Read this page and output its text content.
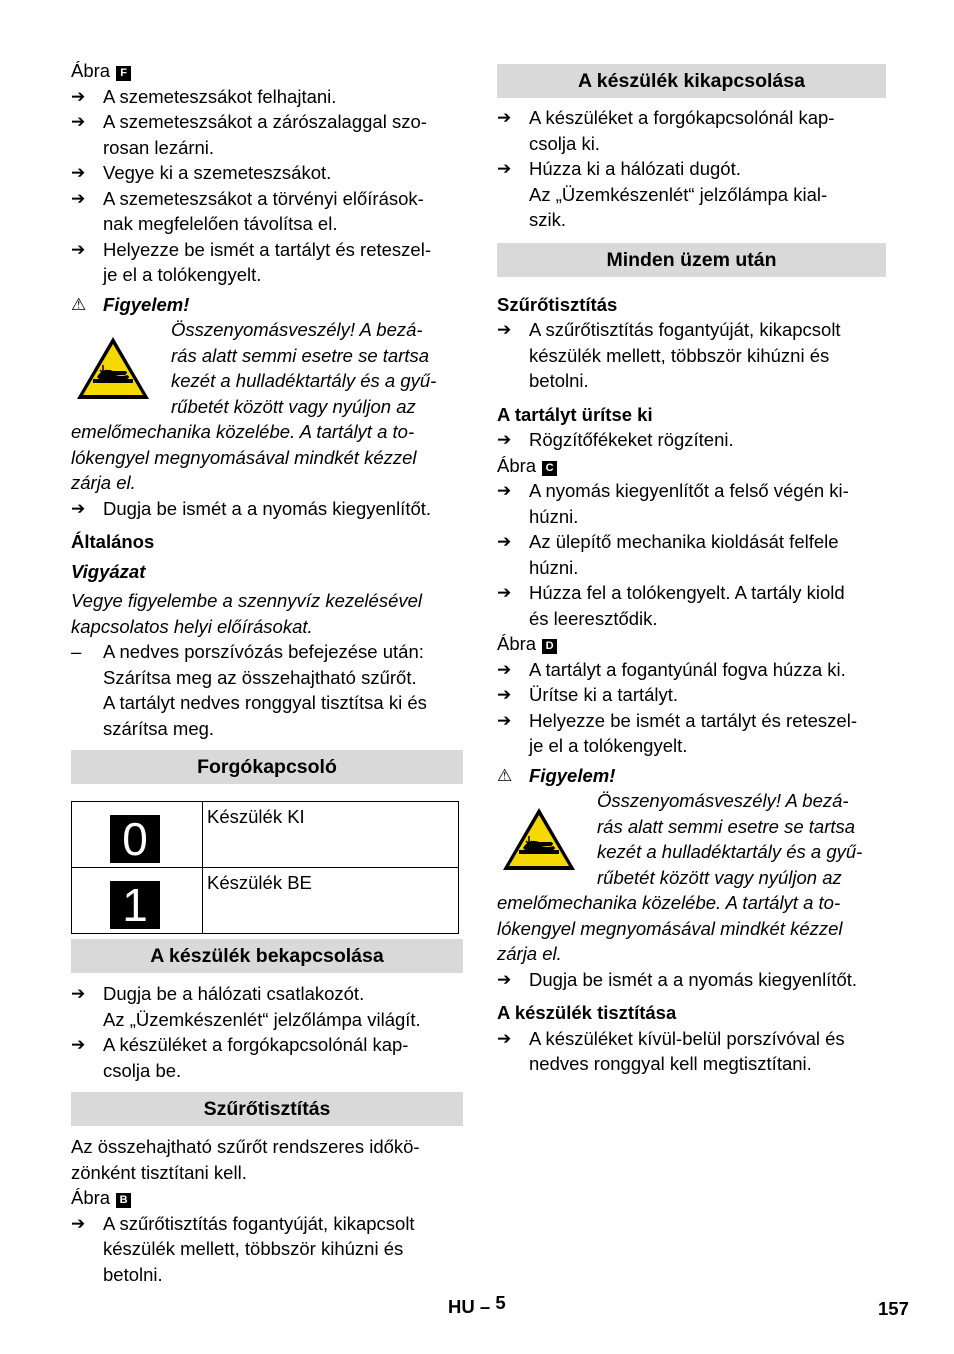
Ábra F

➔ A szemeteszsákot felhajtani.
➔ A szemeteszsákot a zárószalaggal szo-
rosan lezárni.
➔ Vegye ki a szemeteszsákot.
➔ A szemeteszsákot a törvényi előírások-
nak megfelelően távolítsa el.
➔ Helyezze be ismét a tartályt és reteszel-
je el a tolókengyelt.
⚠ Figyelem!
Összenyomásveszély! A bezá-
rás alatt semmi esetre se tartsa
kezét a hulladéktartály és a gyű-
rűbetét között vagy nyúljon az
emelőmechanika közelébe. A tartályt a to-
lókengyel megnyomásával mindkét kézzel
zárja el.
➔ Dugja be ismét a a nyomás kiegyenlítőt.

Általános

Vigyázat

Vegye figyelembe a szennyvíz kezelésével
kapcsolatos helyi előírásokat.
–	A nedves porszívózás befejezése után:
Szárítsa meg az összehajtható szűrőt.
A tartályt nedves ronggyal tisztítsa ki és
szárítsa meg.
Forgókapcsoló
0	Készülék KI

1	Készülék BE
A készülék bekapcsolása
➔ Dugja be a hálózati csatlakozót.
Az „Üzemkészenlét“ jelzőlámpa világít.
➔ A készüléket a forgókapcsolónál kap-
csolja be.
Szűrőtisztítás
Az összehajtható szűrőt rendszeres időkö-
zönként tisztítani kell.

Ábra B

➔ A szűrőtisztítás fogantyúját, kikapcsolt
készülék mellett, többször kihúzni és
betolni.
A készülék kikapcsolása
➔ A készüléket a forgókapcsolónál kap-
csolja ki.
➔ Húzza ki a hálózati dugót.
Az „Üzemkészenlét“ jelzőlámpa kial-
szik.
Minden üzem után

Szűrőtisztítás

➔ A szűrőtisztítás fogantyúját, kikapcsolt
készülék mellett, többször kihúzni és
betolni.

A tartályt ürítse ki

➔ Rögzítőfékeket rögzíteni.

Ábra C

➔ A nyomás kiegyenlítőt a felső végén ki-
húzni.
➔ Az ülepítő mechanika kioldását felfele
húzni.
➔ Húzza fel a tolókengyelt. A tartály kiold
és leeresztődik.

Ábra D

➔ A tartályt a fogantyúnál fogva húzza ki.
➔ Ürítse ki a tartályt.
➔ Helyezze be ismét a tartályt és reteszel-
je el a tolókengyelt.
⚠ Figyelem!
Összenyomásveszély! A bezá-
rás alatt semmi esetre se tartsa
kezét a hulladéktartály és a gyű-
rűbetét között vagy nyúljon az
emelőmechanika közelébe. A tartályt a to-
lókengyel megnyomásával mindkét kézzel
zárja el.
➔ Dugja be ismét a a nyomás kiegyenlítőt.

A készülék tisztítása

➔ A készüléket kívül-belül porszívóval és
nedves ronggyal kell megtisztítani.
HU – 5	157
